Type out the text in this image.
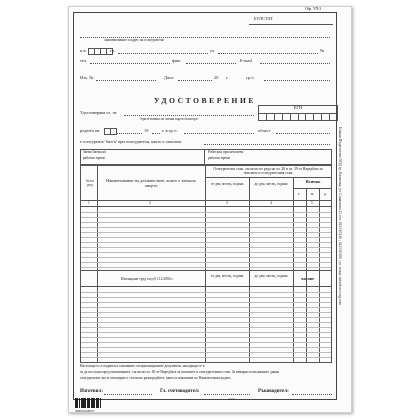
Обр. УП-3
БУЛСТАТ
/наименование и адрес на осигурителя/
п.к.	гр.	ул.	№
тел.	факс	E-mail
Изх. №	Дата:	20 г.	гр./с
УДОСТОВЕРЕНИЕ
ЕГН
Удостоверява се, че
/трите имена по лична карта /паспорт/
роден/а на	19	г. в гр./с.	област
е осигурен/а/ бил/а/ при осигурителя, както е описано:
Заема/Заемал/а
работно време
Работила при неплатен
работно време
№ по ред
Наименование на длъжностите, които е заемало лицето
Осигурителен стаж, съгласно по реда на чл. 38 и чл. 39 от Наредбата за пенсиите и осигурителния стаж
от ден, месец, година	до ден, месец, година	Всичко
г.	м.	д.
1	2	3	4	5
Изплащане труд след 01.12.2004 г.
от ден, месец, година	до ден, месец, година	часове
Настоящото се издава на основание специализираните документи, находящи се в
за да послужи пред пенсионните, съгласно чл. 40 от Наредбата за пенсиите и осигурителния стаж. За невярно попълнените данни
осигурителят носи отговорност съгласно разпоредбите, както и наказание по Наказателния кодекс.
Изготвил:	Гл. счетоводител:	Ръководител:
печат
Бланки Издателство ООД гр. Казанлък, ул. Сливенска 23 тел. 0431/63146 ; 0431/63306 ; ел. поща: izdatelstvo.org.com
3800050448537
